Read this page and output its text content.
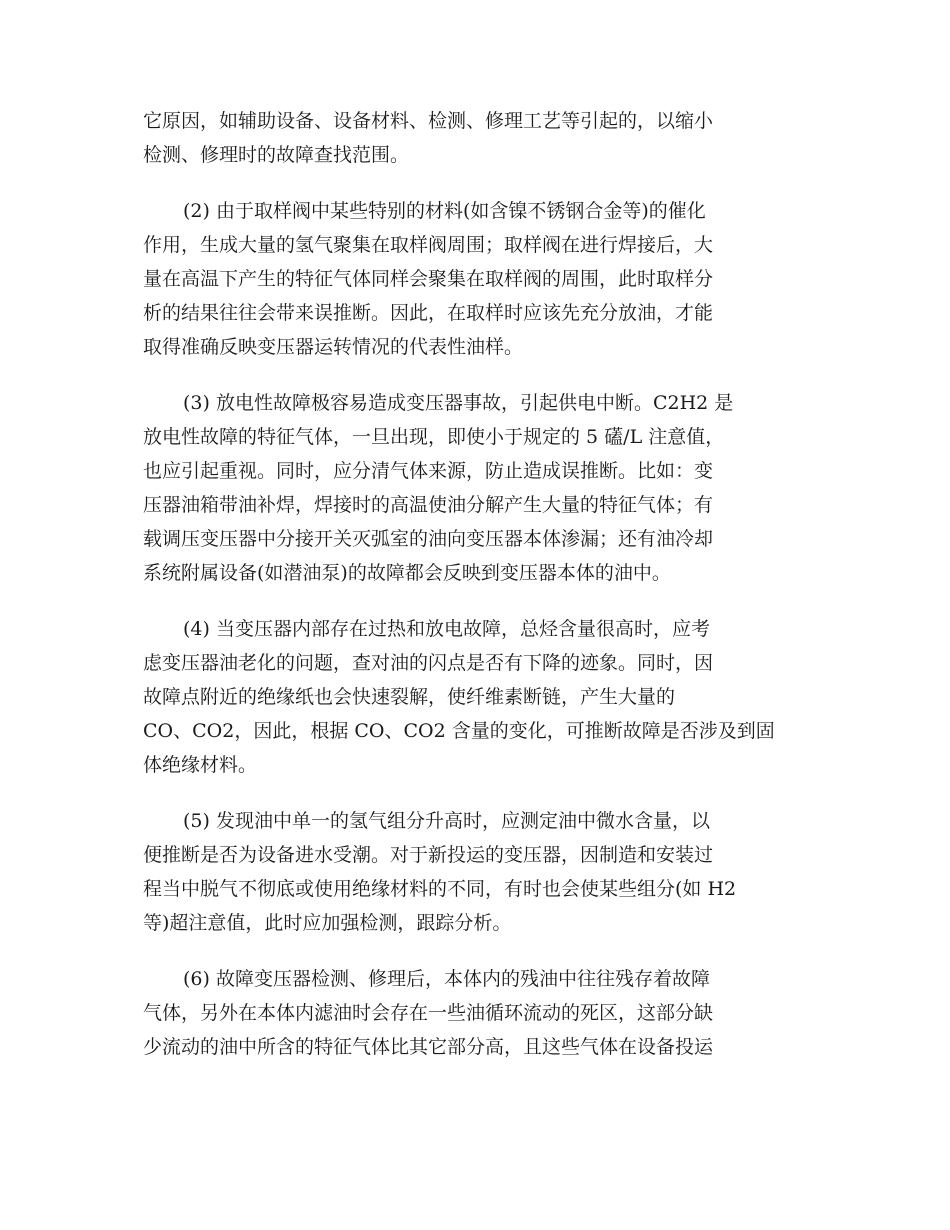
它原因，如辅助设备、设备材料、检测、修理工艺等引起的，以缩小
检测、修理时的故障查找范围。
(2) 由于取样阀中某些特别的材料(如含镍不锈钢合金等)的催化
作用，生成大量的氢气聚集在取样阀周围；取样阀在进行焊接后，大
量在高温下产生的特征气体同样会聚集在取样阀的周围，此时取样分
析的结果往往会带来误推断。因此，在取样时应该先充分放油，才能
取得准确反映变压器运转情况的代表性油样。
(3) 放电性故障极容易造成变压器事故，引起供电中断。C2H2 是
放电性故障的特征气体，一旦出现，即使小于规定的 5 礚/L 注意值，
也应引起重视。同时，应分清气体来源，防止造成误推断。比如：变
压器油箱带油补焊，焊接时的高温使油分解产生大量的特征气体；有
载调压变压器中分接开关灭弧室的油向变压器本体渗漏；还有油冷却
系统附属设备(如潜油泵)的故障都会反映到变压器本体的油中。
(4) 当变压器内部存在过热和放电故障，总烃含量很高时，应考
虑变压器油老化的问题，查对油的闪点是否有下降的迹象。同时，因
故障点附近的绝缘纸也会快速裂解，使纤维素断链，产生大量的
CO、CO2，因此，根据 CO、CO2 含量的变化，可推断故障是否涉及到固
体绝缘材料。
(5) 发现油中单一的氢气组分升高时，应测定油中微水含量，以
便推断是否为设备进水受潮。对于新投运的变压器，因制造和安装过
程当中脱气不彻底或使用绝缘材料的不同，有时也会使某些组分(如 H2
等)超注意值，此时应加强检测，跟踪分析。
(6) 故障变压器检测、修理后，本体内的残油中往往残存着故障
气体，另外在本体内滤油时会存在一些油循环流动的死区，这部分缺
少流动的油中所含的特征气体比其它部分高，且这些气体在设备投运
